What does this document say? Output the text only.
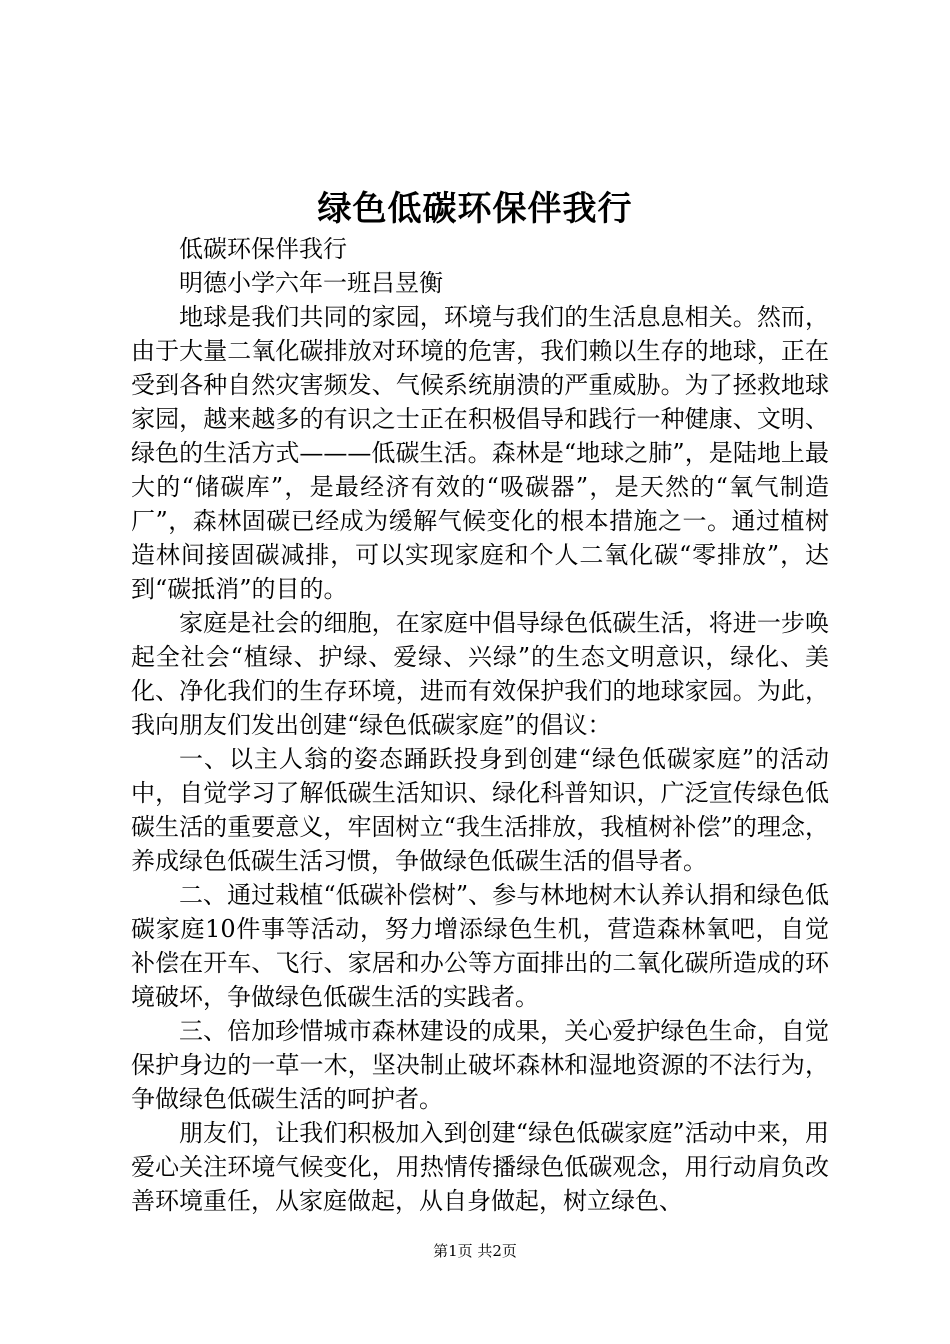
绿色低碳环保伴我行

低碳环保伴我行

明德小学六年一班吕昱衡

地球是我们共同的家园，环境与我们的生活息息相关。然而，由于大量二氧化碳排放对环境的危害，我们赖以生存的地球，正在受到各种自然灾害频发、气候系统崩溃的严重威胁。为了拯救地球家园，越来越多的有识之士正在积极倡导和践行一种健康、文明、绿色的生活方式———低碳生活。森林是“地球之肺”，是陆地上最大的“储碳库”，是最经济有效的“吸碳器”，是天然的“氧气制造厂”，森林固碳已经成为缓解气候变化的根本措施之一。通过植树造林间接固碳减排，可以实现家庭和个人二氧化碳“零排放”，达到“碳抵消”的目的。

家庭是社会的细胞，在家庭中倡导绿色低碳生活，将进一步唤起全社会“植绿、护绿、爱绿、兴绿”的生态文明意识，绿化、美化、净化我们的生存环境，进而有效保护我们的地球家园。为此，我向朋友们发出创建“绿色低碳家庭”的倡议：

一、以主人翁的姿态踊跃投身到创建“绿色低碳家庭”的活动中，自觉学习了解低碳生活知识、绿化科普知识，广泛宣传绿色低碳生活的重要意义，牢固树立“我生活排放，我植树补偿”的理念，养成绿色低碳生活习惯，争做绿色低碳生活的倡导者。

二、通过栽植“低碳补偿树”、参与林地树木认养认捐和绿色低碳家庭10件事等活动，努力增添绿色生机，营造森林氧吧，自觉补偿在开车、飞行、家居和办公等方面排出的二氧化碳所造成的环境破坏，争做绿色低碳生活的实践者。

三、倍加珍惜城市森林建设的成果，关心爱护绿色生命，自觉保护身边的一草一木，坚决制止破坏森林和湿地资源的不法行为，争做绿色低碳生活的呵护者。

朋友们，让我们积极加入到创建“绿色低碳家庭”活动中来，用爱心关注环境气候变化，用热情传播绿色低碳观念，用行动肩负改善环境重任，从家庭做起，从自身做起，树立绿色、

第1页 共2页
